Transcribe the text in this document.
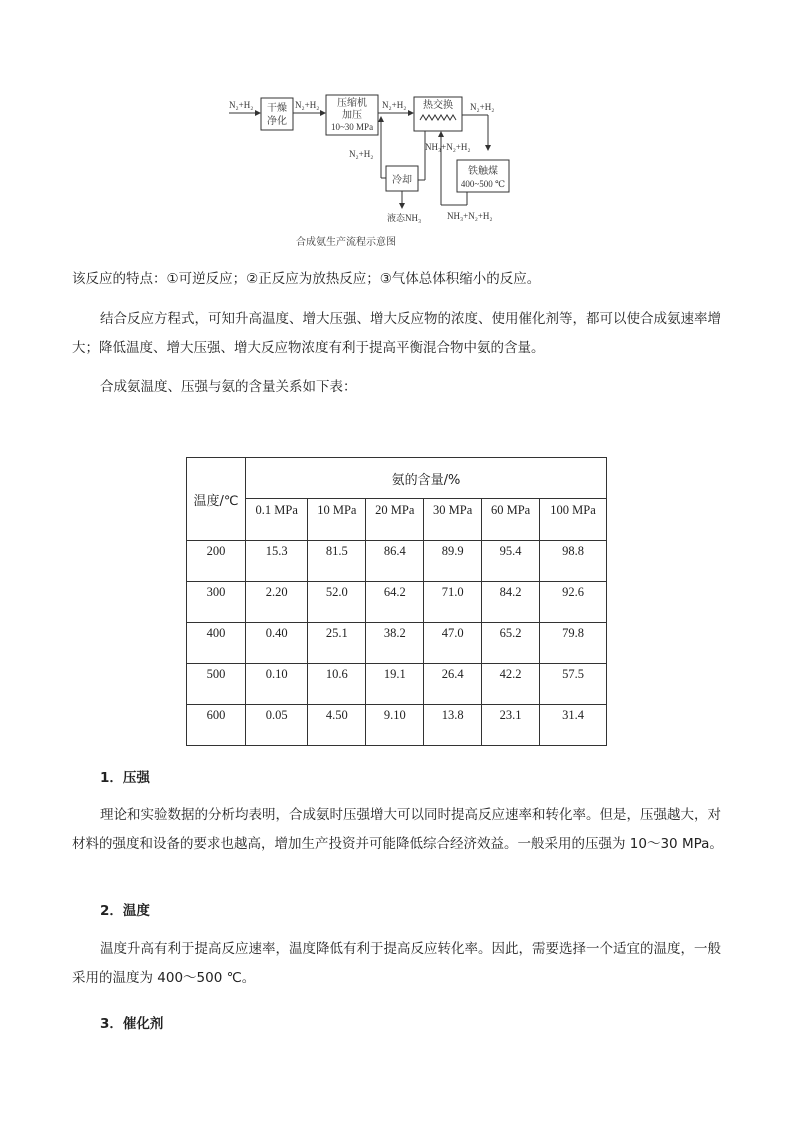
N₂+H₂ 干燥
净化
N₂+H₂ 压缩机
加压
10~30 MPa
N₂+H₂ 热交换 N₂+H₂
N₂+H₂
NH₃+N₂+H₂
铁触煤
400~500 ℃
NH₃+N₂+H₂
冷却
液态NH₃
合成氨生产流程示意图
该反应的特点：①可逆反应；②正反应为放热反应；③气体总体积缩小的反应。
结合反应方程式，可知升高温度、增大压强、增大反应物的浓度、使用催化剂等，都可以使合成氨速率增大；降低温度、增大压强、增大反应物浓度有利于提高平衡混合物中氨的含量。
合成氨温度、压强与氨的含量关系如下表：
温度/℃	氨的含量/%					
	0.1 MPa	10 MPa	20 MPa	30 MPa	60 MPa	100 MPa
200	15.3	81.5	86.4	89.9	95.4	98.8
300	2.20	52.0	64.2	71.0	84.2	92.6
400	0.40	25.1	38.2	47.0	65.2	79.8
500	0.10	10.6	19.1	26.4	42.2	57.5
600	0.05	4.50	9.10	13.8	23.1	31.4
1．压强
理论和实验数据的分析均表明，合成氨时压强增大可以同时提高反应速率和转化率。但是，压强越大，对材料的强度和设备的要求也越高，增加生产投资并可能降低综合经济效益。一般采用的压强为 10～30 MPa。
2．温度
温度升高有利于提高反应速率，温度降低有利于提高反应转化率。因此，需要选择一个适宜的温度，一般采用的温度为 400～500 ℃。
3．催化剂
